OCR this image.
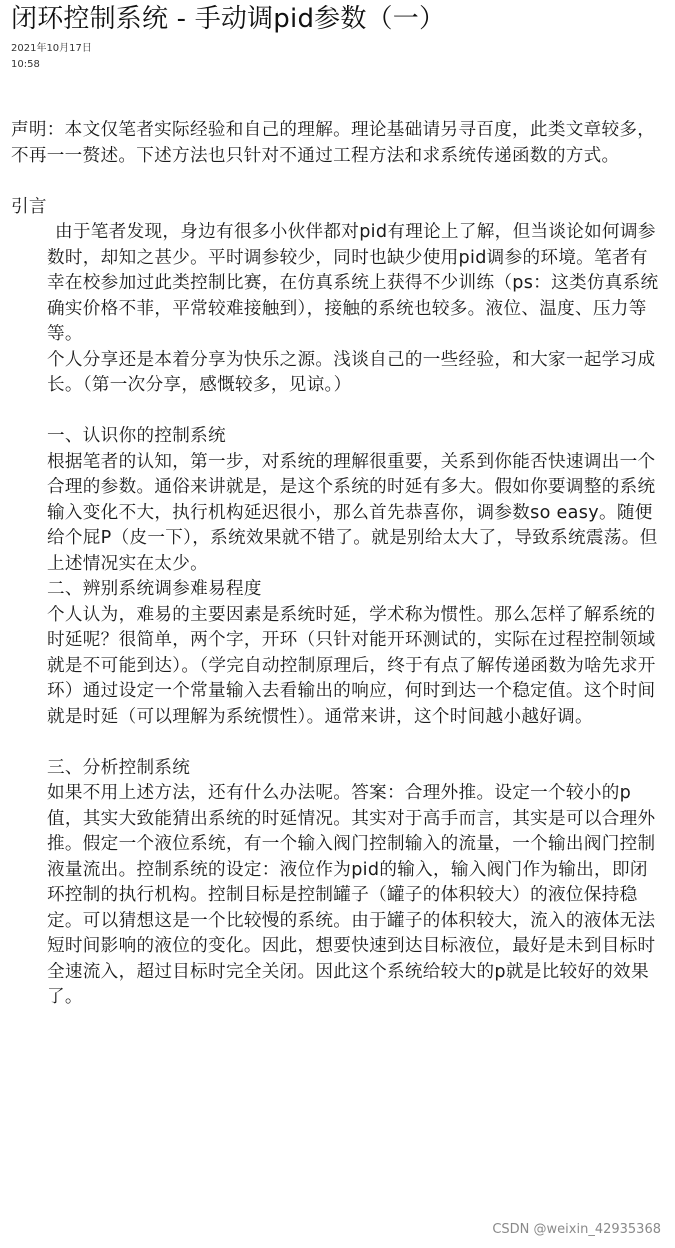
闭环控制系统 - 手动调pid参数（一）
2021年10月17日
10:58

声明：本文仅笔者实际经验和自己的理解。理论基础请另寻百度，此类文章较多，不再一一赘述。下述方法也只针对不通过工程方法和求系统传递函数的方式。

引言

由于笔者发现，身边有很多小伙伴都对pid有理论上了解，但当谈论如何调参数时，却知之甚少。平时调参较少，同时也缺少使用pid调参的环境。笔者有幸在校参加过此类控制比赛，在仿真系统上获得不少训练（ps：这类仿真系统确实价格不菲，平常较难接触到），接触的系统也较多。液位、温度、压力等等。

个人分享还是本着分享为快乐之源。浅谈自己的一些经验，和大家一起学习成长。（第一次分享，感慨较多，见谅。）

一、认识你的控制系统

根据笔者的认知，第一步，对系统的理解很重要，关系到你能否快速调出一个合理的参数。通俗来讲就是，是这个系统的时延有多大。假如你要调整的系统输入变化不大，执行机构延迟很小，那么首先恭喜你，调参数so easy。随便给个屁P（皮一下），系统效果就不错了。就是别给太大了，导致系统震荡。但上述情况实在太少。

二、辨别系统调参难易程度

个人认为，难易的主要因素是系统时延，学术称为惯性。那么怎样了解系统的时延呢？很简单，两个字，开环（只针对能开环测试的，实际在过程控制领域就是不可能到达）。（学完自动控制原理后，终于有点了解传递函数为啥先求开环）通过设定一个常量输入去看输出的响应，何时到达一个稳定值。这个时间就是时延（可以理解为系统惯性）。通常来讲，这个时间越小越好调。

三、分析控制系统

如果不用上述方法，还有什么办法呢。答案：合理外推。设定一个较小的p值，其实大致能猜出系统的时延情况。其实对于高手而言，其实是可以合理外推。假定一个液位系统，有一个输入阀门控制输入的流量，一个输出阀门控制液量流出。控制系统的设定：液位作为pid的输入，输入阀门作为输出，即闭环控制的执行机构。控制目标是控制罐子（罐子的体积较大）的液位保持稳定。可以猜想这是一个比较慢的系统。由于罐子的体积较大，流入的液体无法短时间影响的液位的变化。因此，想要快速到达目标液位，最好是未到目标时全速流入，超过目标时完全关闭。因此这个系统给较大的p就是比较好的效果了。

CSDN @weixin_42935368
